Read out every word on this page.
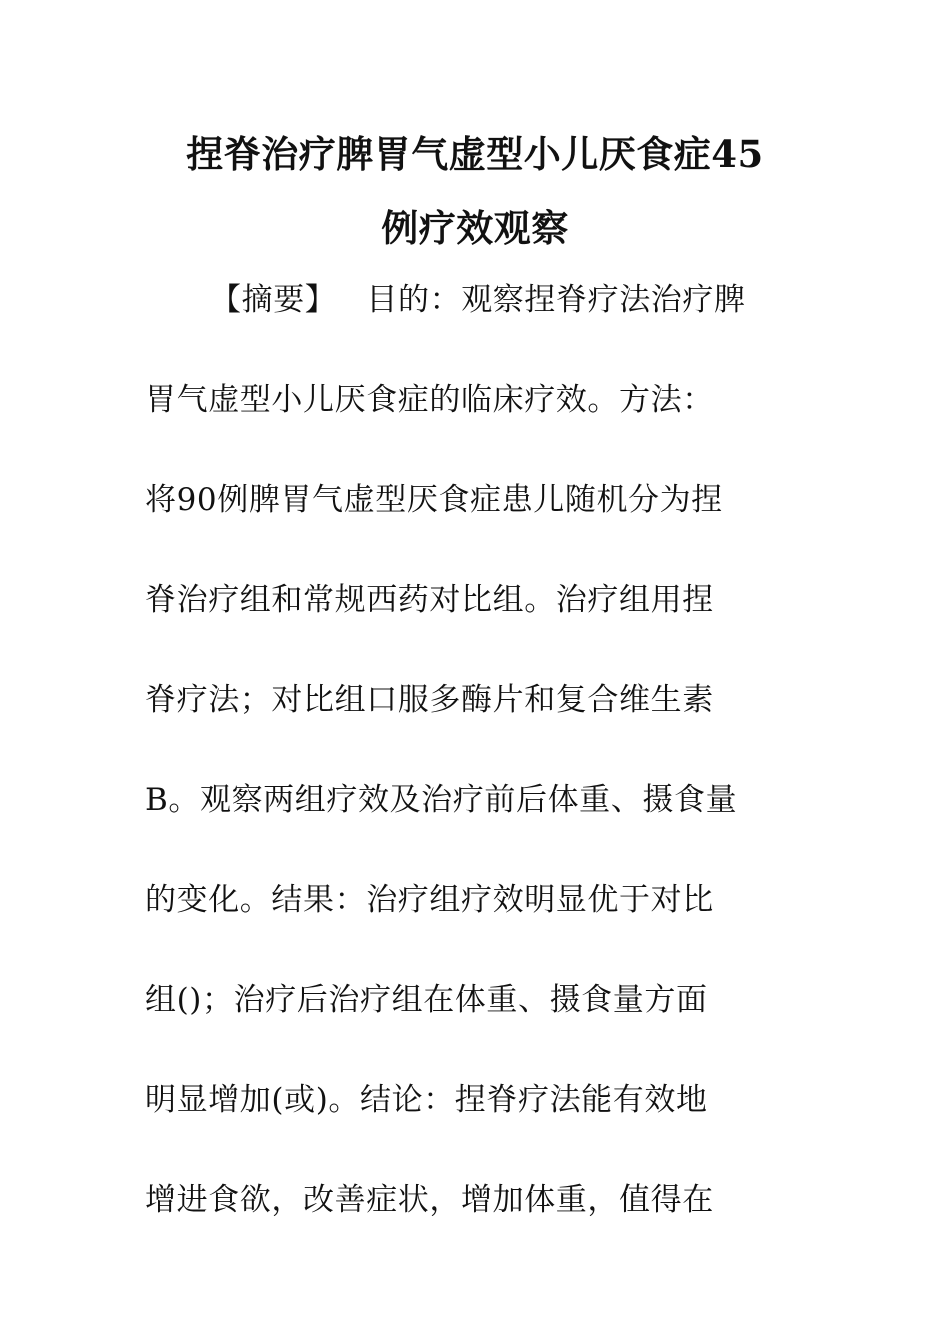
捏脊治疗脾胃气虚型小儿厌食症45
例疗效观察
【摘要】 目的：观察捏脊疗法治疗脾
胃气虚型小儿厌食症的临床疗效。方法：
将90例脾胃气虚型厌食症患儿随机分为捏
脊治疗组和常规西药对比组。治疗组用捏
脊疗法；对比组口服多酶片和复合维生素
B。观察两组疗效及治疗前后体重、摄食量
的变化。结果：治疗组疗效明显优于对比
组()；治疗后治疗组在体重、摄食量方面
明显增加(或)。结论：捏脊疗法能有效地
增进食欲，改善症状，增加体重，值得在
